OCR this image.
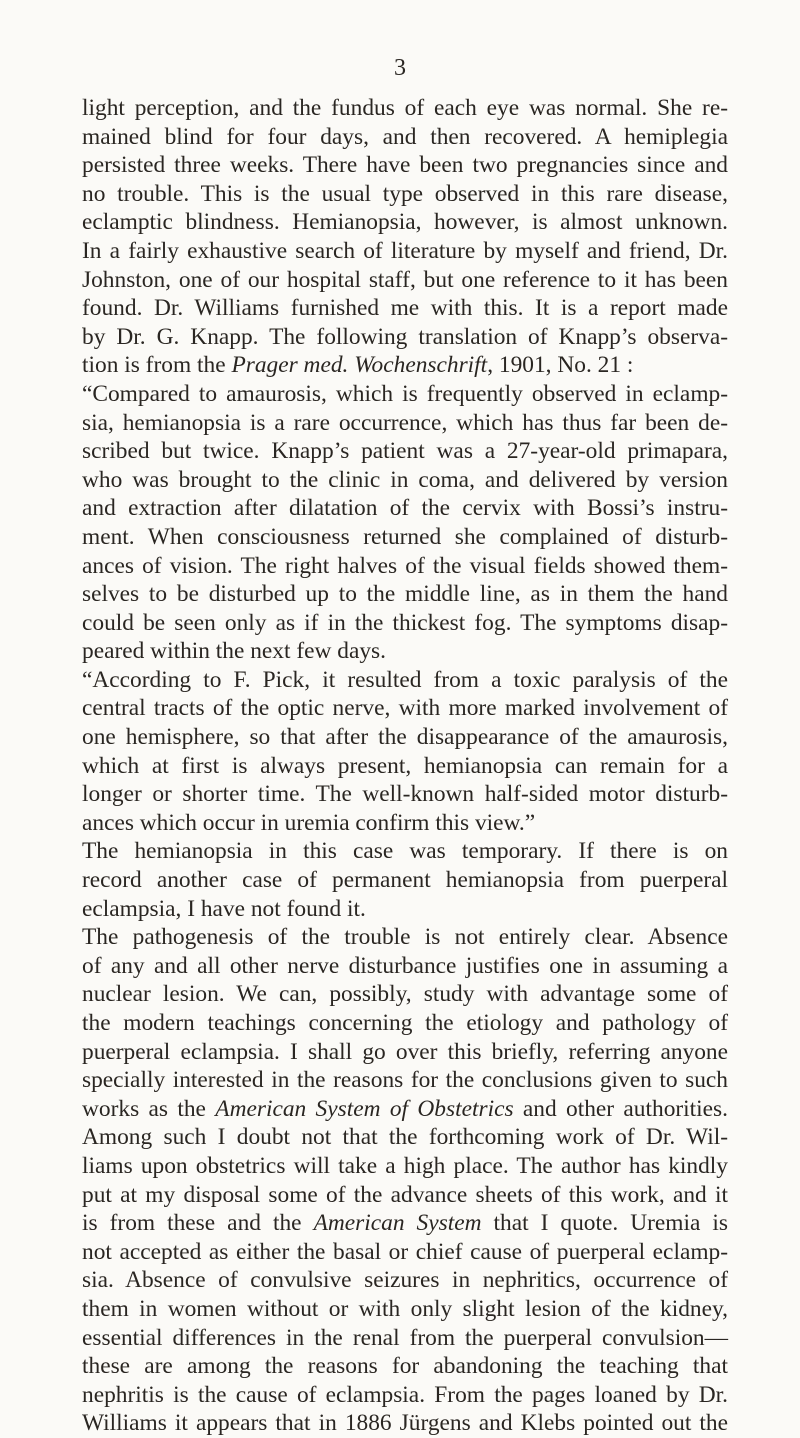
3
light perception, and the fundus of each eye was normal. She re-
mained blind for four days, and then recovered. A hemiplegia
persisted three weeks. There have been two pregnancies since and
no trouble. This is the usual type observed in this rare disease,
eclamptic blindness. Hemianopsia, however, is almost unknown.
In a fairly exhaustive search of literature by myself and friend, Dr.
Johnston, one of our hospital staff, but one reference to it has been
found. Dr. Williams furnished me with this. It is a report made
by Dr. G. Knapp. The following translation of Knapp’s observa-
tion is from the Prager med. Wochenschrift, 1901, No. 21 :
“Compared to amaurosis, which is frequently observed in eclamp-
sia, hemianopsia is a rare occurrence, which has thus far been de-
scribed but twice. Knapp’s patient was a 27-year-old primapara,
who was brought to the clinic in coma, and delivered by version
and extraction after dilatation of the cervix with Bossi’s instru-
ment. When consciousness returned she complained of disturb-
ances of vision. The right halves of the visual fields showed them-
selves to be disturbed up to the middle line, as in them the hand
could be seen only as if in the thickest fog. The symptoms disap-
peared within the next few days.
“According to F. Pick, it resulted from a toxic paralysis of the
central tracts of the optic nerve, with more marked involvement of
one hemisphere, so that after the disappearance of the amaurosis,
which at first is always present, hemianopsia can remain for a
longer or shorter time. The well-known half-sided motor disturb-
ances which occur in uremia confirm this view.”
The hemianopsia in this case was temporary. If there is on
record another case of permanent hemianopsia from puerperal
eclampsia, I have not found it.
The pathogenesis of the trouble is not entirely clear. Absence
of any and all other nerve disturbance justifies one in assuming a
nuclear lesion. We can, possibly, study with advantage some of
the modern teachings concerning the etiology and pathology of
puerperal eclampsia. I shall go over this briefly, referring anyone
specially interested in the reasons for the conclusions given to such
works as the American System of Obstetrics and other authorities.
Among such I doubt not that the forthcoming work of Dr. Wil-
liams upon obstetrics will take a high place. The author has kindly
put at my disposal some of the advance sheets of this work, and it
is from these and the American System that I quote. Uremia is
not accepted as either the basal or chief cause of puerperal eclamp-
sia. Absence of convulsive seizures in nephritics, occurrence of
them in women without or with only slight lesion of the kidney,
essential differences in the renal from the puerperal convulsion—
these are among the reasons for abandoning the teaching that
nephritis is the cause of eclampsia. From the pages loaned by Dr.
Williams it appears that in 1886 Jürgens and Klebs pointed out the
